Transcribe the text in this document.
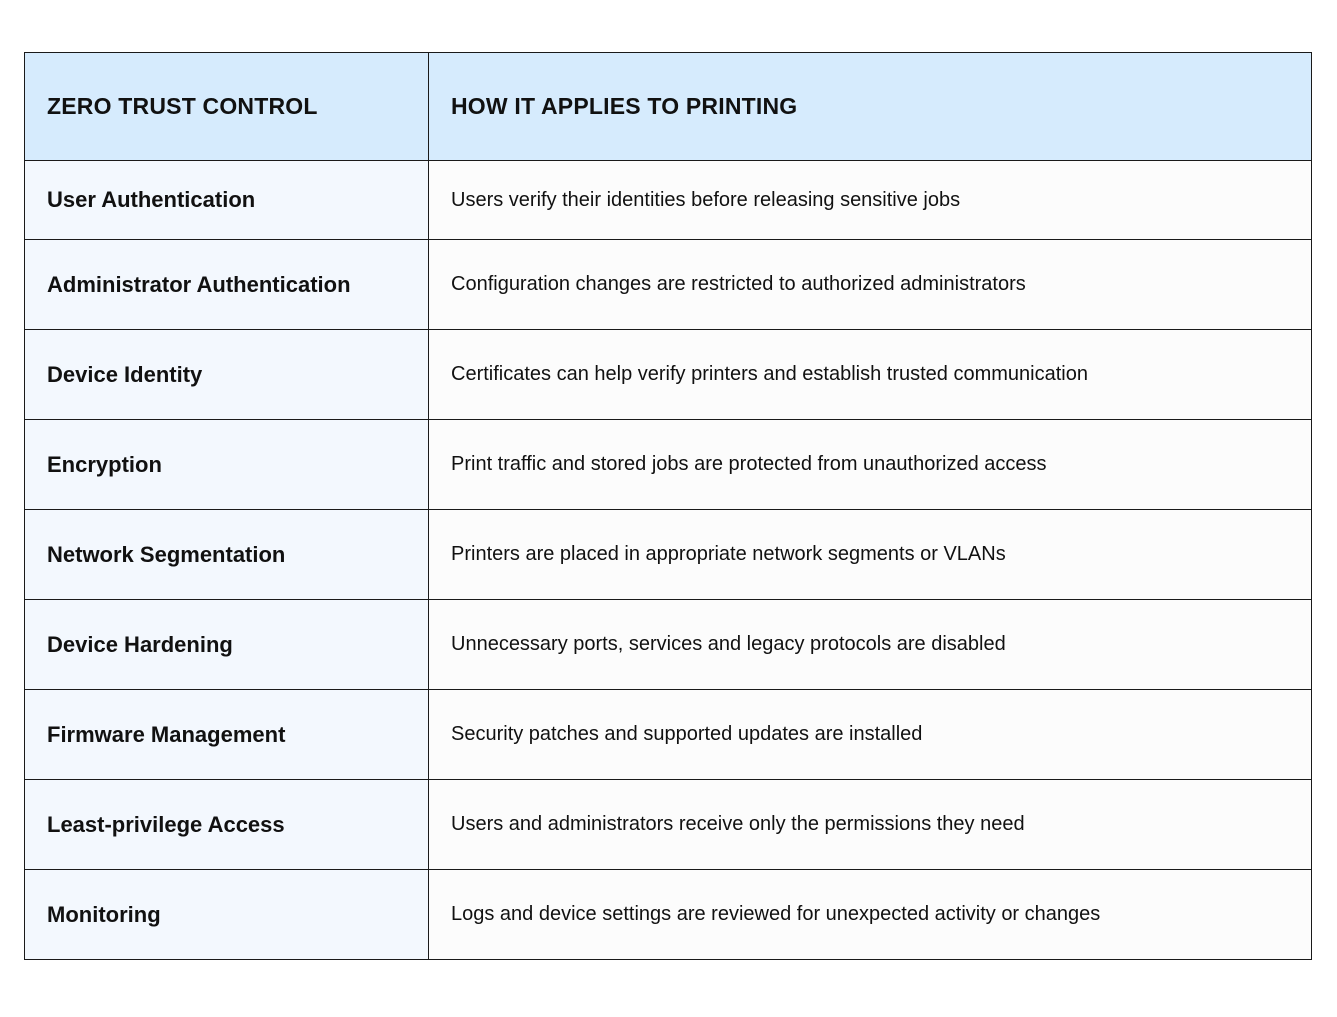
ZERO TRUST CONTROL	HOW IT APPLIES TO PRINTING
User Authentication	Users verify their identities before releasing sensitive jobs
Administrator Authentication	Configuration changes are restricted to authorized administrators
Device Identity	Certificates can help verify printers and establish trusted communication
Encryption	Print traffic and stored jobs are protected from unauthorized access
Network Segmentation	Printers are placed in appropriate network segments or VLANs
Device Hardening	Unnecessary ports, services and legacy protocols are disabled
Firmware Management	Security patches and supported updates are installed
Least-privilege Access	Users and administrators receive only the permissions they need
Monitoring	Logs and device settings are reviewed for unexpected activity or changes
